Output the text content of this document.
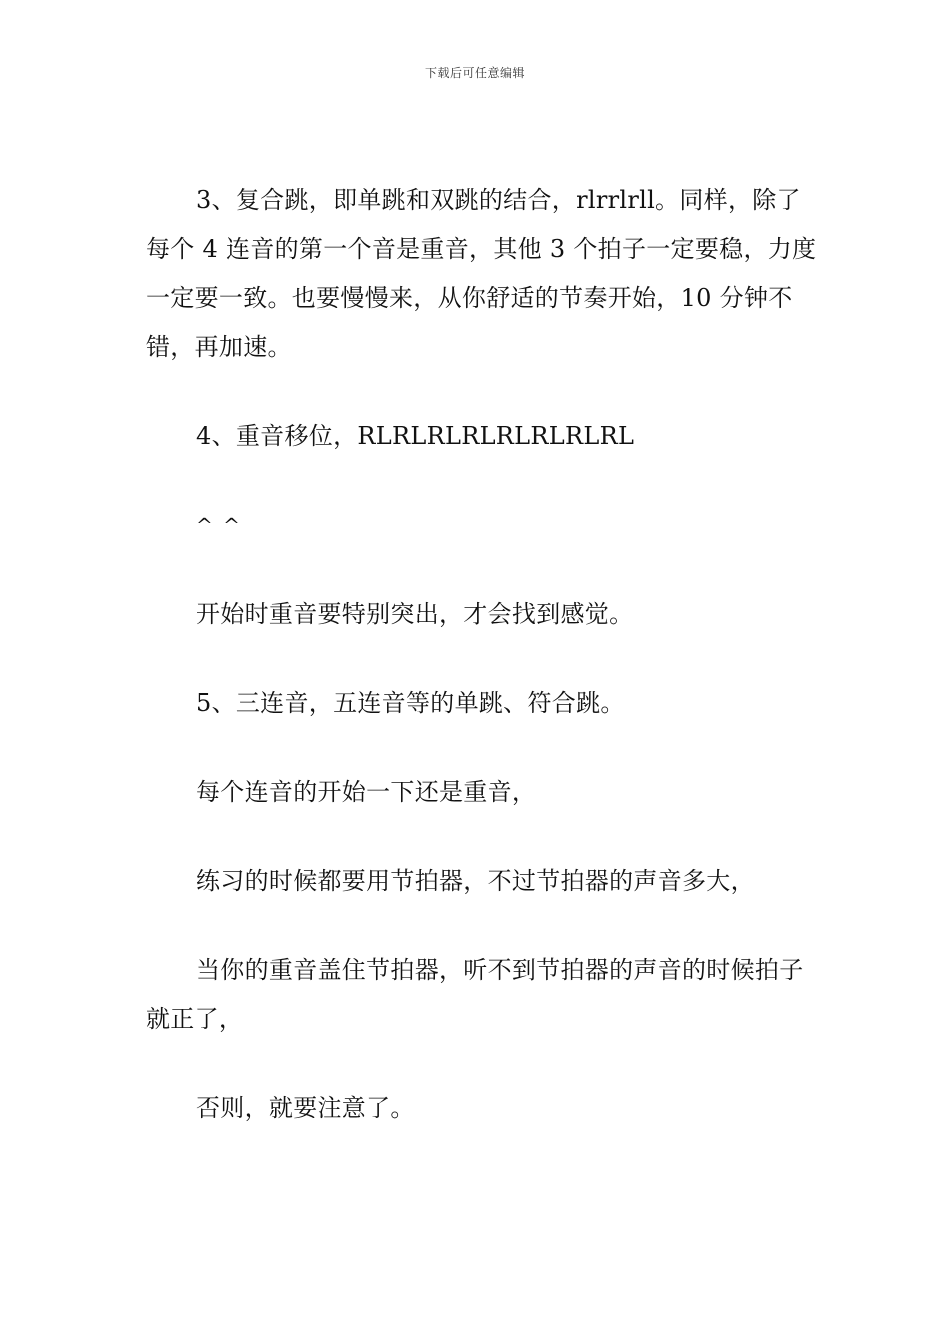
下载后可任意编辑

3、复合跳，即单跳和双跳的结合，rlrrlrll。同样，除了每个 4 连音的第一个音是重音，其他 3 个拍子一定要稳，力度一定要一致。也要慢慢来，从你舒适的节奏开始，10 分钟不错，再加速。

4、重音移位，RLRLRLRLRLRLRLRL

^ ^

开始时重音要特别突出，才会找到感觉。

5、三连音，五连音等的单跳、符合跳。

每个连音的开始一下还是重音，

练习的时候都要用节拍器，不过节拍器的声音多大，

当你的重音盖住节拍器，听不到节拍器的声音的时候拍子就正了，

否则，就要注意了。
